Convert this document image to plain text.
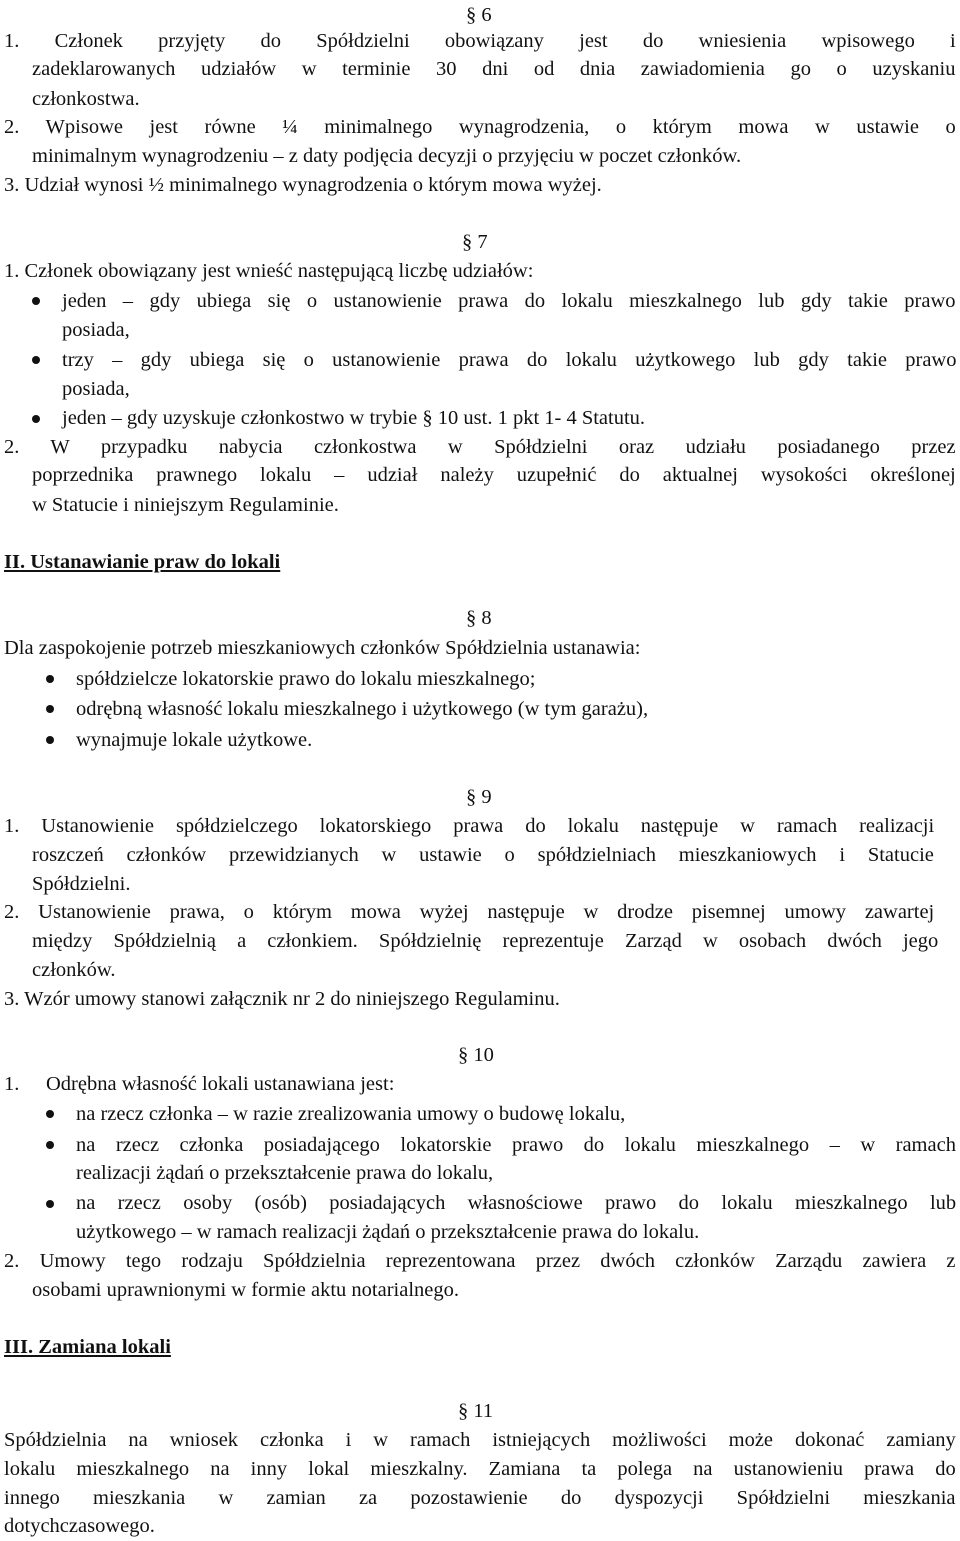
§ 6
1. Członek przyjęty do Spółdzielni obowiązany jest do wniesienia wpisowego i
zadeklarowanych udziałów w terminie 30 dni od dnia zawiadomienia go o uzyskaniu
członkostwa.
2. Wpisowe jest równe ¼ minimalnego wynagrodzenia, o którym mowa w ustawie o
minimalnym wynagrodzeniu – z daty podjęcia decyzji o przyjęciu w poczet członków.
3. Udział wynosi ½ minimalnego wynagrodzenia o którym mowa wyżej.
§ 7
1. Członek obowiązany jest wnieść następującą liczbę udziałów:
jeden – gdy ubiega się o ustanowienie prawa do lokalu mieszkalnego lub gdy takie prawo
posiada,
trzy – gdy ubiega się o ustanowienie prawa do lokalu użytkowego lub gdy takie prawo
posiada,
jeden – gdy uzyskuje członkostwo w trybie § 10 ust. 1 pkt 1- 4 Statutu.
2. W przypadku nabycia członkostwa w Spółdzielni oraz udziału posiadanego przez
poprzednika prawnego lokalu – udział należy uzupełnić do aktualnej wysokości określonej
w Statucie i niniejszym Regulaminie.
II. Ustanawianie praw do lokali
§ 8
Dla zaspokojenie potrzeb mieszkaniowych członków Spółdzielnia ustanawia:
spółdzielcze lokatorskie prawo do lokalu mieszkalnego;
odrębną własność lokalu mieszkalnego i użytkowego (w tym garażu),
wynajmuje lokale użytkowe.
§ 9
1. Ustanowienie spółdzielczego lokatorskiego prawa do lokalu następuje w ramach realizacji
roszczeń członków przewidzianych w ustawie o spółdzielniach mieszkaniowych i Statucie
Spółdzielni.
2. Ustanowienie prawa, o którym mowa wyżej następuje w drodze pisemnej umowy zawartej
między Spółdzielnią a członkiem. Spółdzielnię reprezentuje Zarząd w osobach dwóch jego
członków.
3. Wzór umowy stanowi załącznik nr 2 do niniejszego Regulaminu.
§ 10
1. Odrębna własność lokali ustanawiana jest:
na rzecz członka – w razie zrealizowania umowy o budowę lokalu,
na rzecz członka posiadającego lokatorskie prawo do lokalu mieszkalnego – w ramach
realizacji żądań o przekształcenie prawa do lokalu,
na rzecz osoby (osób) posiadających własnościowe prawo do lokalu mieszkalnego lub
użytkowego – w ramach realizacji żądań o przekształcenie prawa do lokalu.
2. Umowy tego rodzaju Spółdzielnia reprezentowana przez dwóch członków Zarządu zawiera z
osobami uprawnionymi w formie aktu notarialnego.
III. Zamiana lokali
§ 11
Spółdzielnia na wniosek członka i w ramach istniejących możliwości może dokonać zamiany
lokalu mieszkalnego na inny lokal mieszkalny. Zamiana ta polega na ustanowieniu prawa do
innego mieszkania w zamian za pozostawienie do dyspozycji Spółdzielni mieszkania
dotychczasowego.
